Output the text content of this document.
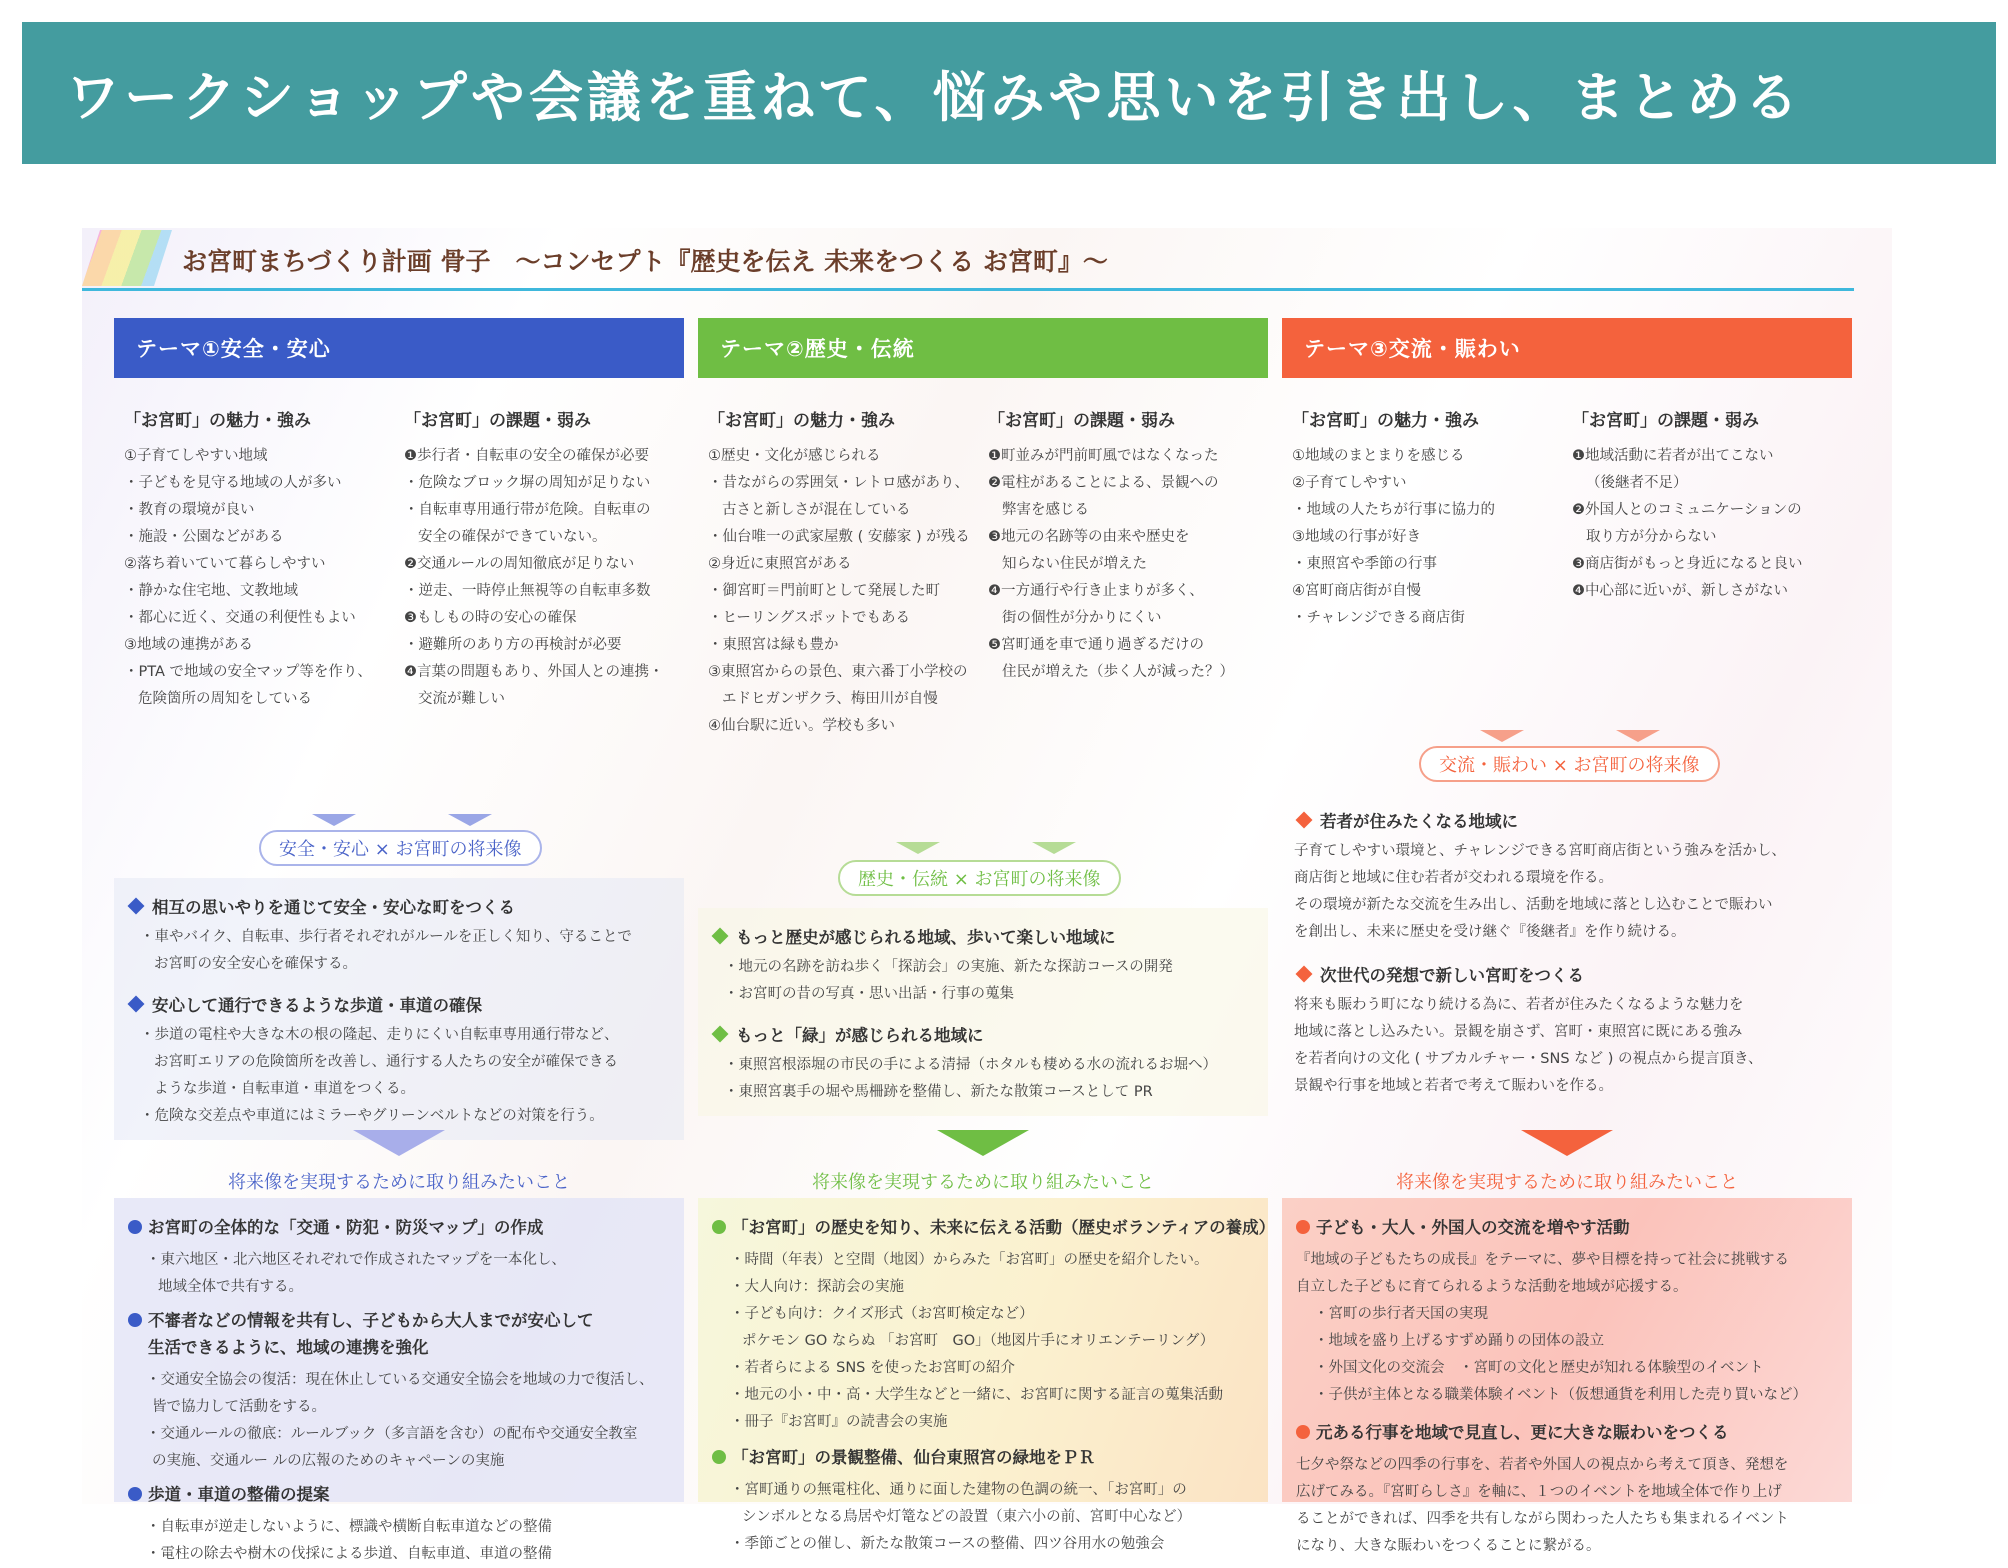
ワークショップや会議を重ねて、悩みや思いを引き出し、まとめる
お宮町まちづくり計画 骨子　～コンセプト『歴史を伝え 未来をつくる お宮町』～
テーマ①安全・安心
「お宮町」の魅力・強み
①子育てしやすい地域
・子どもを見守る地域の人が多い
・教育の環境が良い
・施設・公園などがある
②落ち着いていて暮らしやすい
・静かな住宅地、文教地域
・都心に近く、交通の利便性もよい
③地域の連携がある
・PTA で地域の安全マップ等を作り、
危険箇所の周知をしている
「お宮町」の課題・弱み
❶歩行者・自転車の安全の確保が必要
・危険なブロック塀の周知が足りない
・自転車専用通行帯が危険。自転車の
安全の確保ができていない。
❷交通ルールの周知徹底が足りない
・逆走、一時停止無視等の自転車多数
❸もしもの時の安心の確保
・避難所のあり方の再検討が必要
❹言葉の問題もあり、外国人との連携・
交流が難しい
安全・安心 × お宮町の将来像
相互の思いやりを通じて安全・安心な町をつくる

・車やバイク、自転車、歩行者それぞれがルールを正しく知り、守ることで

お宮町の安全安心を確保する。

安心して通行できるような歩道・車道の確保

・歩道の電柱や大きな木の根の隆起、走りにくい自転車専用通行帯など、

お宮町エリアの危険箇所を改善し、通行する人たちの安全が確保できる

ような歩道・自転車道・車道をつくる。

・危険な交差点や車道にはミラーやグリーンベルトなどの対策を行う。

将来像を実現するために取り組みたいこと
お宮町の全体的な「交通・防犯・防災マップ」の作成

・東六地区・北六地区それぞれで作成されたマップを一本化し、

地域全体で共有する。

不審者などの情報を共有し、子どもから大人までが安心して
生活できるように、地域の連携を強化

・交通安全協会の復活：現在休止している交通安全協会を地域の力で復活し、

皆で協力して活動をする。

・交通ルールの徹底：ルールブック（多言語を含む）の配布や交通安全教室

の実施、交通ルー ルの広報のためのキャペーンの実施

歩道・車道の整備の提案

・自転車が逆走しないように、標識や横断自転車道などの整備

・電柱の除去や樹木の伐採による歩道、自転車道、車道の整備

テーマ②歴史・伝統
「お宮町」の魅力・強み
①歴史・文化が感じられる
・昔ながらの雰囲気・レトロ感があり、
古さと新しさが混在している
・仙台唯一の武家屋敷 ( 安藤家 ) が残る
②身近に東照宮がある
・御宮町＝門前町として発展した町
・ヒーリングスポットでもある
・東照宮は緑も豊か
③東照宮からの景色、東六番丁小学校の
エドヒガンザクラ、梅田川が自慢
④仙台駅に近い。学校も多い
「お宮町」の課題・弱み
❶町並みが門前町風ではなくなった
❷電柱があることによる、景観への
弊害を感じる
❸地元の名跡等の由来や歴史を
知らない住民が増えた
❹一方通行や行き止まりが多く、
街の個性が分かりにくい
❺宮町通を車で通り過ぎるだけの
住民が増えた（歩く人が減った？）
歴史・伝統 × お宮町の将来像
もっと歴史が感じられる地域、歩いて楽しい地域に

・地元の名跡を訪ね歩く「探訪会」の実施、新たな探訪コースの開発

・お宮町の昔の写真・思い出話・行事の蒐集

もっと「緑」が感じられる地域に

・東照宮根添堀の市民の手による清掃（ホタルも棲める水の流れるお堀へ）

・東照宮裏手の堀や馬柵跡を整備し、新たな散策コースとして PR

将来像を実現するために取り組みたいこと
「お宮町」の歴史を知り、未来に伝える活動（歴史ボランティアの養成）

・時間（年表）と空間（地図）からみた「お宮町」の歴史を紹介したい。

・大人向け：探訪会の実施

・子ども向け：クイズ形式（お宮町検定など）

ポケモン GO ならぬ 「お宮町　GO」（地図片手にオリエンテーリング）

・若者らによる SNS を使ったお宮町の紹介

・地元の小・中・高・大学生などと一緒に、お宮町に関する証言の蒐集活動

・冊子『お宮町』の読書会の実施

「お宮町」の景観整備、仙台東照宮の緑地をＰＲ

・宮町通りの無電柱化、通りに面した建物の色調の統一、「お宮町」の

シンボルとなる鳥居や灯篭などの設置（東六小の前、宮町中心など）

・季節ごとの催し、新たな散策コースの整備、四ツ谷用水の勉強会

テーマ③交流・賑わい
「お宮町」の魅力・強み
①地域のまとまりを感じる
②子育てしやすい
・地域の人たちが行事に協力的
③地域の行事が好き
・東照宮や季節の行事
④宮町商店街が自慢
・チャレンジできる商店街
「お宮町」の課題・弱み
❶地域活動に若者が出てこない
（後継者不足）
❷外国人とのコミュニケーションの
取り方が分からない
❸商店街がもっと身近になると良い
❹中心部に近いが、新しさがない
交流・賑わい × お宮町の将来像
若者が住みたくなる地域に

子育てしやすい環境と、チャレンジできる宮町商店街という強みを活かし、

商店街と地域に住む若者が交われる環境を作る。

その環境が新たな交流を生み出し、活動を地域に落とし込むことで賑わい

を創出し、未来に歴史を受け継ぐ『後継者』を作り続ける。

次世代の発想で新しい宮町をつくる

将来も賑わう町になり続ける為に、若者が住みたくなるような魅力を

地域に落とし込みたい。景観を崩さず、宮町・東照宮に既にある強み

を若者向けの文化 ( サブカルチャー・SNS など ) の視点から提言頂き、

景観や行事を地域と若者で考えて賑わいを作る。

将来像を実現するために取り組みたいこと
子ども・大人・外国人の交流を増やす活動

『地域の子どもたちの成長』をテーマに、夢や目標を持って社会に挑戦する

自立した子どもに育てられるような活動を地域が応援する。

・宮町の歩行者天国の実現

・地域を盛り上げるすずめ踊りの団体の設立

・外国文化の交流会　・宮町の文化と歴史が知れる体験型のイベント

・子供が主体となる職業体験イベント（仮想通貨を利用した売り買いなど）

元ある行事を地域で見直し、更に大きな賑わいをつくる

七夕や祭などの四季の行事を、若者や外国人の視点から考えて頂き、発想を

広げてみる。『宮町らしさ』を軸に、１つのイベントを地域全体で作り上げ

ることができれば、四季を共有しながら関わった人たちも集まれるイベント

になり、大きな賑わいをつくることに繋がる。
